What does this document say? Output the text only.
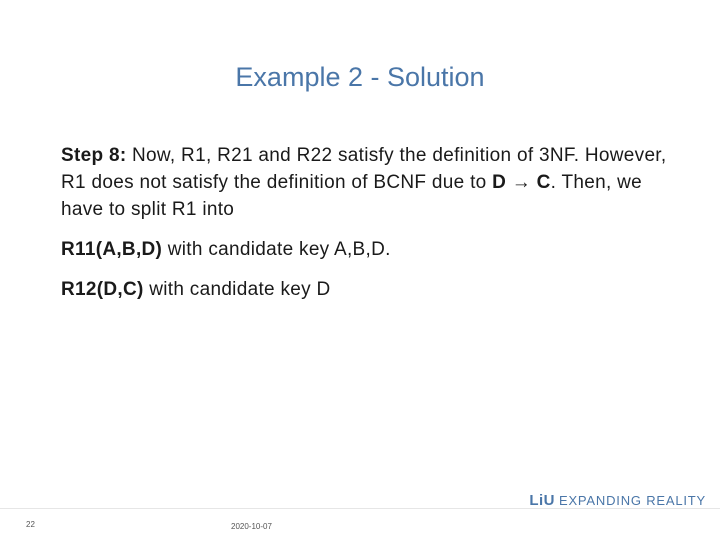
Example 2 - Solution

Step 8: Now, R1, R21 and R22 satisfy the definition of 3NF. However, R1 does not satisfy the definition of BCNF due to D → C. Then, we have to split R1 into

R11(A,B,D) with candidate key A,B,D.

R12(D,C) with candidate key D

LiU EXPANDING REALITY
22	2020-10-07
